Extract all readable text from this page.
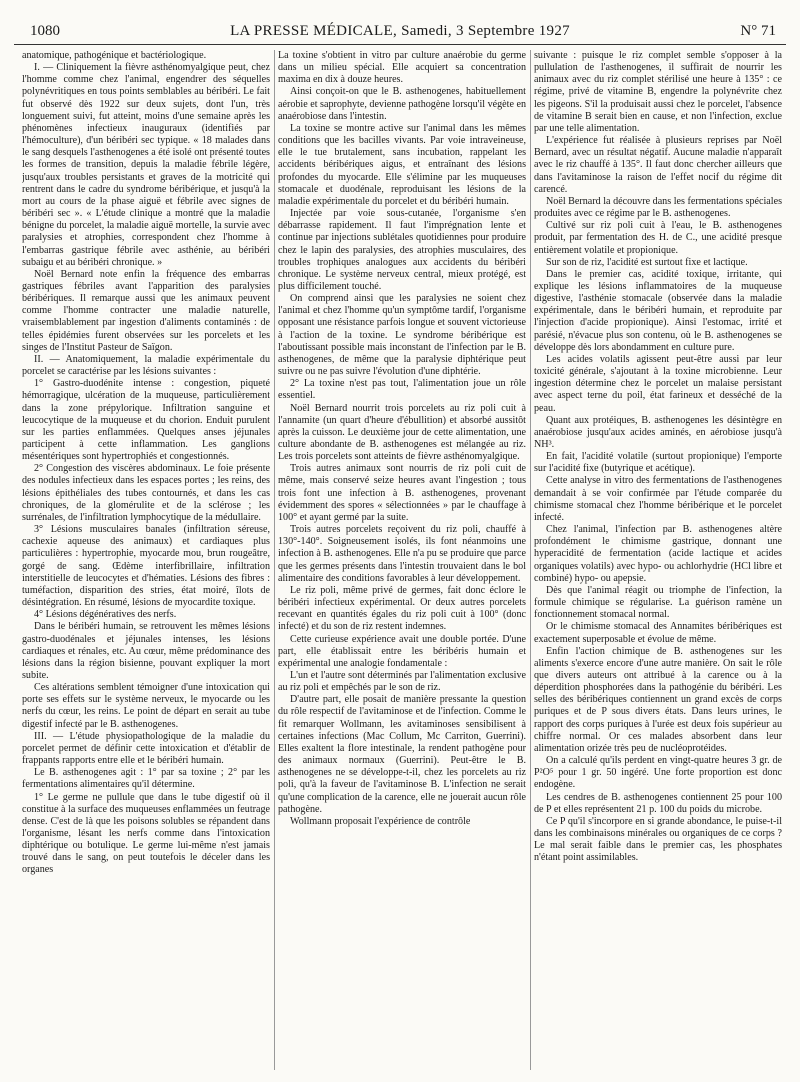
1080	LA PRESSE MÉDICALE, Samedi, 3 Septembre 1927	N° 71

anatomique, pathogénique et bactériologique.

I. — Cliniquement la fièvre asthénomyalgique peut, chez l'homme comme chez l'animal, engendrer des séquelles polynévritiques en tous points semblables au béribéri. Le fait fut observé dès 1922 sur deux sujets, dont l'un, très longuement suivi, fut atteint, moins d'une semaine après les phénomènes infectieux inauguraux (identifiés par l'hémoculture), d'un béribéri sec typique. « 18 malades dans le sang desquels l'asthenogenes a été isolé ont présenté toutes les formes de transition, depuis la maladie fébrile légère, jusqu'aux troubles persistants et graves de la motricité qui rentrent dans le cadre du syndrome béribérique, et jusqu'à la mort au cours de la phase aiguë et fébrile avec signes de béribéri sec ». « L'étude clinique a montré que la maladie bénigne du porcelet, la maladie aiguë mortelle, la survie avec paralysies et atrophies, correspondent chez l'homme à l'embarras gastrique fébrile avec asthénie, au béribéri subaigu et au béribéri chronique. »

Noël Bernard note enfin la fréquence des embarras gastriques fébriles avant l'apparition des paralysies béribériques. Il remarque aussi que les animaux peuvent comme l'homme contracter une maladie naturelle, vraisemblablement par ingestion d'aliments contaminés : de telles épidémies furent observées sur les porcelets et les singes de l'Institut Pasteur de Saïgon.

II. — Anatomiquement, la maladie expérimentale du porcelet se caractérise par les lésions suivantes :

1° Gastro-duodénite intense : congestion, piqueté hémorragique, ulcération de la muqueuse, particulièrement dans la zone prépylorique. Infiltration sanguine et leucocytique de la muqueuse et du chorion. Enduit purulent sur les parties enflammées. Quelques anses jéjunales participent à cette inflammation. Les ganglions mésentériques sont hypertrophiés et congestionnés.

2° Congestion des viscères abdominaux. Le foie présente des nodules infectieux dans les espaces portes ; les reins, des lésions épithéliales des tubes contournés, et dans les cas chroniques, de la glomérulite et de la sclérose ; les surrénales, de l'infiltration lymphocytique de la médullaire.

3° Lésions musculaires banales (infiltration séreuse, cachexie aqueuse des animaux) et cardiaques plus particulières : hypertrophie, myocarde mou, brun rougeâtre, gorgé de sang. Œdème interfibrillaire, infiltration interstitielle de leucocytes et d'hématies. Lésions des fibres : tuméfaction, disparition des stries, état moiré, îlots de désintégration. En résumé, lésions de myocardite toxique.

4° Lésions dégénératives des nerfs.

Dans le béribéri humain, se retrouvent les mêmes lésions gastro-duodénales et jéjunales intenses, les lésions cardiaques et rénales, etc. Au cœur, même prédominance des lésions dans la région bisienne, pouvant expliquer la mort subite.

Ces altérations semblent témoigner d'une intoxication qui porte ses effets sur le système nerveux, le myocarde ou les nerfs du cœur, les reins. Le point de départ en serait au tube digestif infecté par le B. asthenogenes.

III. — L'étude physiopathologique de la maladie du porcelet permet de définir cette intoxication et d'établir de frappants rapports entre elle et le béribéri humain.

Le B. asthenogenes agit : 1° par sa toxine ; 2° par les fermentations alimentaires qu'il détermine.

1° Le germe ne pullule que dans le tube digestif où il constitue à la surface des muqueuses enflammées un feutrage dense. C'est de là que les poisons solubles se répandent dans l'organisme, lésant les nerfs comme dans l'intoxication diphtérique ou botulique. Le germe lui-même n'est jamais trouvé dans le sang, on peut toutefois le déceler dans les organes

La toxine s'obtient in vitro par culture anaérobie du germe dans un milieu spécial. Elle acquiert sa concentration maxima en dix à douze heures.

Ainsi conçoit-on que le B. asthenogenes, habituellement aérobie et saprophyte, devienne pathogène lorsqu'il végète en anaérobiose dans l'intestin.

La toxine se montre active sur l'animal dans les mêmes conditions que les bacilles vivants. Par voie intraveineuse, elle le tue brutalement, sans incubation, rappelant les accidents béribériques aigus, et entraînant des lésions profondes du myocarde. Elle s'élimine par les muqueuses stomacale et duodénale, reproduisant les lésions de la maladie expérimentale du porcelet et du béribéri humain.

Injectée par voie sous-cutanée, l'organisme s'en débarrasse rapidement. Il faut l'imprégnation lente et continue par injections sublétales quotidiennes pour produire chez le lapin des paralysies, des atrophies musculaires, des troubles trophiques analogues aux accidents du béribéri chronique. Le système nerveux central, mieux protégé, est plus difficilement touché.

On comprend ainsi que les paralysies ne soient chez l'animal et chez l'homme qu'un symptôme tardif, l'organisme opposant une résistance parfois longue et souvent victorieuse à l'action de la toxine. Le syndrome béribérique est l'aboutissant possible mais inconstant de l'infection par le B. asthenogenes, de même que la paralysie diphtérique peut suivre ou ne pas suivre l'évolution d'une diphtérie.

2° La toxine n'est pas tout, l'alimentation joue un rôle essentiel.

Noël Bernard nourrit trois porcelets au riz poli cuit à l'annamite (un quart d'heure d'ébullition) et absorbé aussitôt après la cuisson. Le deuxième jour de cette alimentation, une culture abondante de B. asthenogenes est mélangée au riz. Les trois porcelets sont atteints de fièvre asthénomyalgique.

Trois autres animaux sont nourris de riz poli cuit de même, mais conservé seize heures avant l'ingestion ; tous trois font une infection à B. asthenogenes, provenant évidemment des spores « sélectionnées » par le chauffage à 100° et ayant germé par la suite.

Trois autres porcelets reçoivent du riz poli, chauffé à 130°-140°. Soigneusement isolés, ils font néanmoins une infection à B. asthenogenes. Elle n'a pu se produire que parce que les germes présents dans l'intestin trouvaient dans le bol alimentaire des conditions favorables à leur développement.

Le riz poli, même privé de germes, fait donc éclore le béribéri infectieux expérimental. Or deux autres porcelets recevant en quantités égales du riz poli cuit à 100° (donc infecté) et du son de riz restent indemnes.

Cette curieuse expérience avait une double portée. D'une part, elle établissait entre les béribéris humain et expérimental une analogie fondamentale :

L'un et l'autre sont déterminés par l'alimentation exclusive au riz poli et empêchés par le son de riz.

D'autre part, elle posait de manière pressante la question du rôle respectif de l'avitaminose et de l'infection. Comme le fit remarquer Wollmann, les avitaminoses sensibilisent à certaines infections (Mac Collum, Mc Carriton, Guerrini). Elles exaltent la flore intestinale, la rendent pathogène pour des animaux normaux (Guerrini). Peut-être le B. asthenogenes ne se développe-t-il, chez les porcelets au riz poli, qu'à la faveur de l'avitaminose B. L'infection ne serait qu'une complication de la carence, elle ne jouerait aucun rôle pathogène.

Wollmann proposait l'expérience de contrôle

suivante : puisque le riz complet semble s'opposer à la pullulation de l'asthenogenes, il suffirait de nourrir les animaux avec du riz complet stérilisé une heure à 135° : ce régime, privé de vitamine B, engendre la polynévrite chez les pigeons. S'il la produisait aussi chez le porcelet, l'absence de vitamine B serait bien en cause, et non l'infection, exclue par une telle alimentation.

L'expérience fut réalisée à plusieurs reprises par Noël Bernard, avec un résultat négatif. Aucune maladie n'apparaît avec le riz chauffé à 135°. Il faut donc chercher ailleurs que dans l'avitaminose la raison de l'effet nocif du régime dit carencé.

Noël Bernard la découvre dans les fermentations spéciales produites avec ce régime par le B. asthenogenes.

Cultivé sur riz poli cuit à l'eau, le B. asthenogenes produit, par fermentation des H. de C., une acidité presque entièrement volatile et propionique.

Sur son de riz, l'acidité est surtout fixe et lactique.

Dans le premier cas, acidité toxique, irritante, qui explique les lésions inflammatoires de la muqueuse digestive, l'asthénie stomacale (observée dans la maladie expérimentale, dans le béribéri humain, et reproduite par l'injection d'acide propionique). Ainsi l'estomac, irrité et parésié, n'évacue plus son contenu, où le B. asthenogenes se développe dès lors abondamment en culture pure.

Les acides volatils agissent peut-être aussi par leur toxicité générale, s'ajoutant à la toxine microbienne. Leur ingestion détermine chez le porcelet un malaise persistant avec aspect terne du poil, état farineux et desséché de la peau.

Quant aux protéiques, B. asthenogenes les désintègre en anaérobiose jusqu'aux acides aminés, en aérobiose jusqu'à NH³.

En fait, l'acidité volatile (surtout propionique) l'emporte sur l'acidité fixe (butyrique et acétique).

Cette analyse in vitro des fermentations de l'asthenogenes demandait à se voir confirmée par l'étude comparée du chimisme stomacal chez l'homme béribérique et le porcelet infecté.

Chez l'animal, l'infection par B. asthenogenes altère profondément le chimisme gastrique, donnant une hyperacidité de fermentation (acide lactique et acides organiques volatils) avec hypo- ou achlorhydrie (HCl libre et combiné) hypo- ou apepsie.

Dès que l'animal réagit ou triomphe de l'infection, la formule chimique se régularise. La guérison ramène un fonctionnement stomacal normal.

Or le chimisme stomacal des Annamites béribériques est exactement superposable et évolue de même.

Enfin l'action chimique de B. asthenogenes sur les aliments s'exerce encore d'une autre manière. On sait le rôle que divers auteurs ont attribué à la carence ou à la déperdition phosphorées dans la pathogénie du béribéri. Les selles des béribériques contiennent un grand excès de corps puriques et de P sous divers états. Dans leurs urines, le rapport des corps puriques à l'urée est deux fois supérieur au chiffre normal. Or ces malades absorbent dans leur alimentation orizée très peu de nucléoprotéides.

On a calculé qu'ils perdent en vingt-quatre heures 3 gr. de P²O⁵ pour 1 gr. 50 ingéré. Une forte proportion est donc endogène.

Les cendres de B. asthenogenes contiennent 25 pour 100 de P et elles représentent 21 p. 100 du poids du microbe.

Ce P qu'il s'incorpore en si grande abondance, le puise-t-il dans les combinaisons minérales ou organiques de ce corps ? Le mal serait faible dans le premier cas, les phosphates n'étant point assimilables.
